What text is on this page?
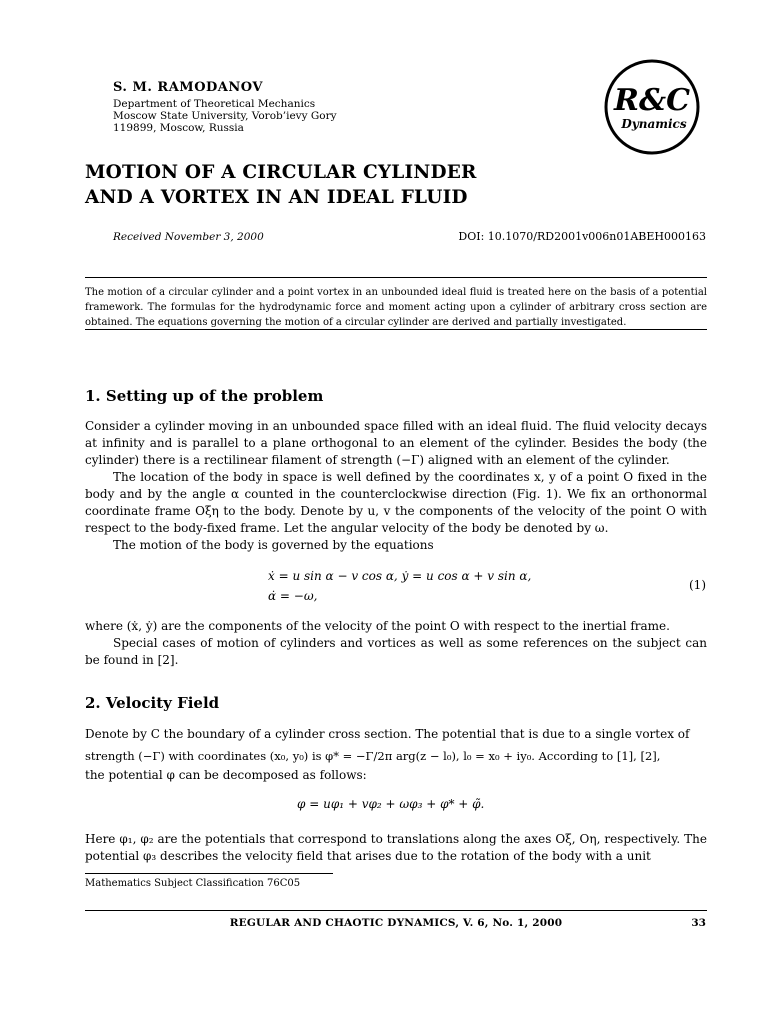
S. M. RAMODANOV
Department of Theoretical Mechanics
Moscow State University, Vorob’ievy Gory
119899, Moscow, Russia
R&C
Dynamics
MOTION OF A CIRCULAR CYLINDER
AND A VORTEX IN AN IDEAL FLUID
Received November 3, 2000	DOI: 10.1070/RD2001v006n01ABEH000163
The motion of a circular cylinder and a point vortex in an unbounded ideal fluid is treated here on the basis of a potential framework. The formulas for the hydrodynamic force and moment acting upon a cylinder of arbitrary cross section are obtained. The equations governing the motion of a circular cylinder are derived and partially investigated.
1. Setting up of the problem
Consider a cylinder moving in an unbounded space filled with an ideal fluid. The fluid velocity decays at infinity and is parallel to a plane orthogonal to an element of the cylinder. Besides the body (the cylinder) there is a rectilinear filament of strength (−Γ) aligned with an element of the cylinder.
The location of the body in space is well defined by the coordinates x, y of a point O fixed in the body and by the angle α counted in the counterclockwise direction (Fig. 1). We fix an orthonormal coordinate frame Oξη to the body. Denote by u, v the components of the velocity of the point O with respect to the body-fixed frame. Let the angular velocity of the body be denoted by ω.
The motion of the body is governed by the equations
ẋ = u sin α − v cos α, ẏ = u cos α + v sin α,
α̇ = −ω,
(1)
where (ẋ, ẏ) are the components of the velocity of the point O with respect to the inertial frame.
Special cases of motion of cylinders and vortices as well as some references on the subject can be found in [2].
2. Velocity Field
Denote by C the boundary of a cylinder cross section. The potential that is due to a single vortex of
strength (−Γ) with coordinates (x₀, y₀) is φ* = −Γ/2π arg(z − l₀), l₀ = x₀ + iy₀. According to [1], [2],
the potential φ can be decomposed as follows:
φ = uφ₁ + vφ₂ + ωφ₃ + φ* + φ̃.
Here φ₁, φ₂ are the potentials that correspond to translations along the axes Oξ, Oη, respectively. The potential φ₃ describes the velocity field that arises due to the rotation of the body with a unit
Mathematics Subject Classification 76C05
REGULAR AND CHAOTIC DYNAMICS, V. 6, No. 1, 2000	33
